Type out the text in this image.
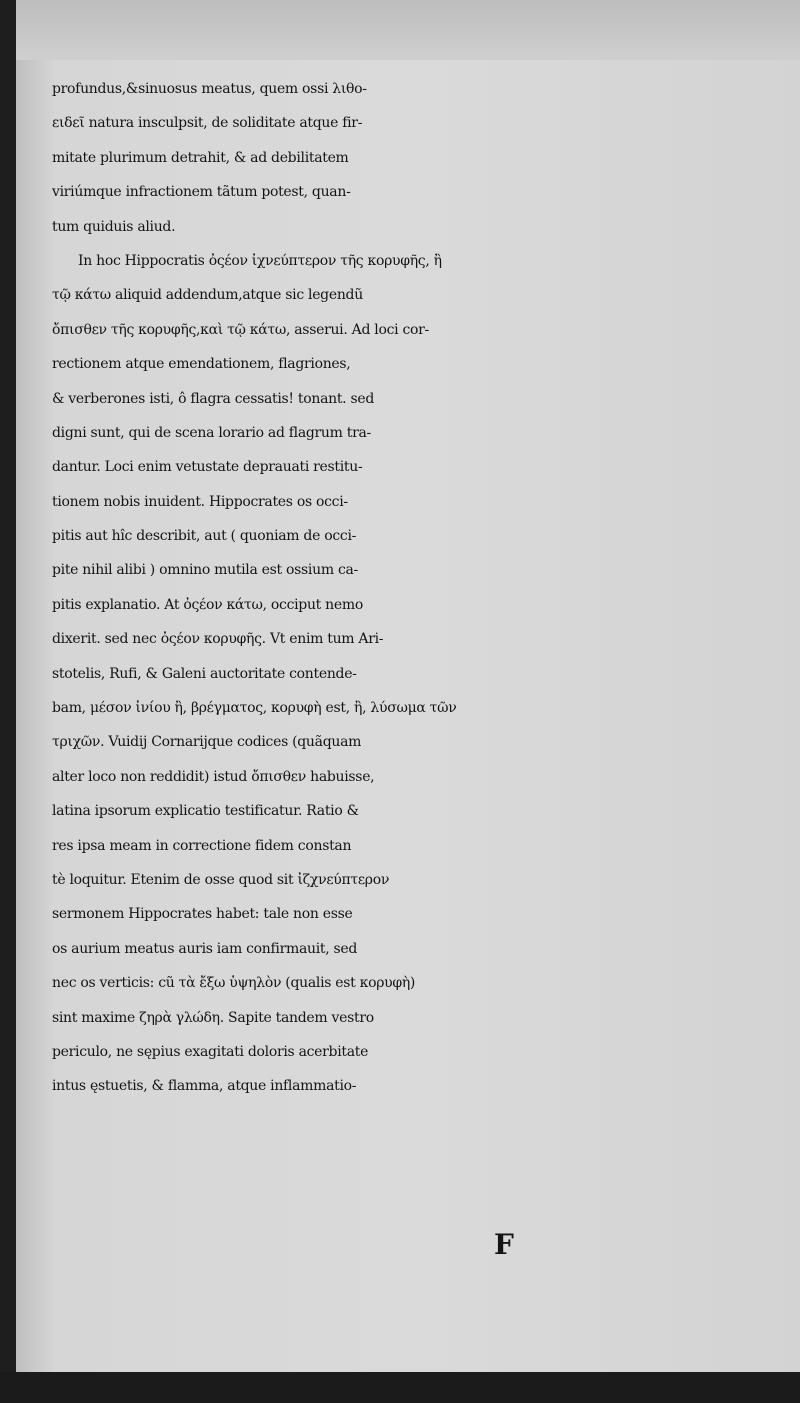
profundus,&sinuosus meatus, quem ossi λιθο-
ειδεῖ natura insculpsit, de soliditate atque fir-
mitate plurimum detrahit, & ad debilitatem
viriúmque infractionem tãtum potest, quan-
tum quiduis aliud.
In hoc Hippocratis ὀςέον ἰχνεύπτερον τῆς κορυφῆς, ἢ
τῷ κάτω aliquid addendum,atque sic legendũ
ὄπισθεν τῆς κορυφῆς,καὶ τῷ κάτω, asserui. Ad loci cor-
rectionem atque emendationem, flagriones,
& verberones isti, ô flagra cessatis! tonant. sed
digni sunt, qui de scena lorario ad flagrum tra-
dantur. Loci enim vetustate deprauati restitu-
tionem nobis inuident. Hippocrates os occi-
pitis aut hîc describit, aut ( quoniam de occi-
pite nihil alibi ) omnino mutila est ossium ca-
pitis explanatio. At ὀςέον κάτω, occiput nemo
dixerit. sed nec ὀςέον κορυφῆς. Vt enim tum Ari-
stotelis, Rufi, & Galeni auctoritate contende-
bam, μέσον ἰνίου ἢ, βρέγματος, κορυφὴ est, ἢ, λύσωμα τῶν
τριχῶν. Vuidij Cornarijque codices (quãquam
alter loco non reddidit) istud ὄπισθεν habuisse,
latina ipsorum explicatio testificatur. Ratio &
res ipsa meam in correctione fidem constan
tè loquitur. Etenim de osse quod sit ἰζχνεύπτερον
sermonem Hippocrates habet: tale non esse
os aurium meatus auris iam confirmauit, sed
nec os verticis: cũ τὰ ἔξω ὑψηλὸν (qualis est κορυφὴ)
sint maxime ζηρὰ γλώδη. Sapite tandem vestro
periculo, ne sępius exagitati doloris acerbitate
intus ęstuetis, & flamma, atque inflammatio-
F
